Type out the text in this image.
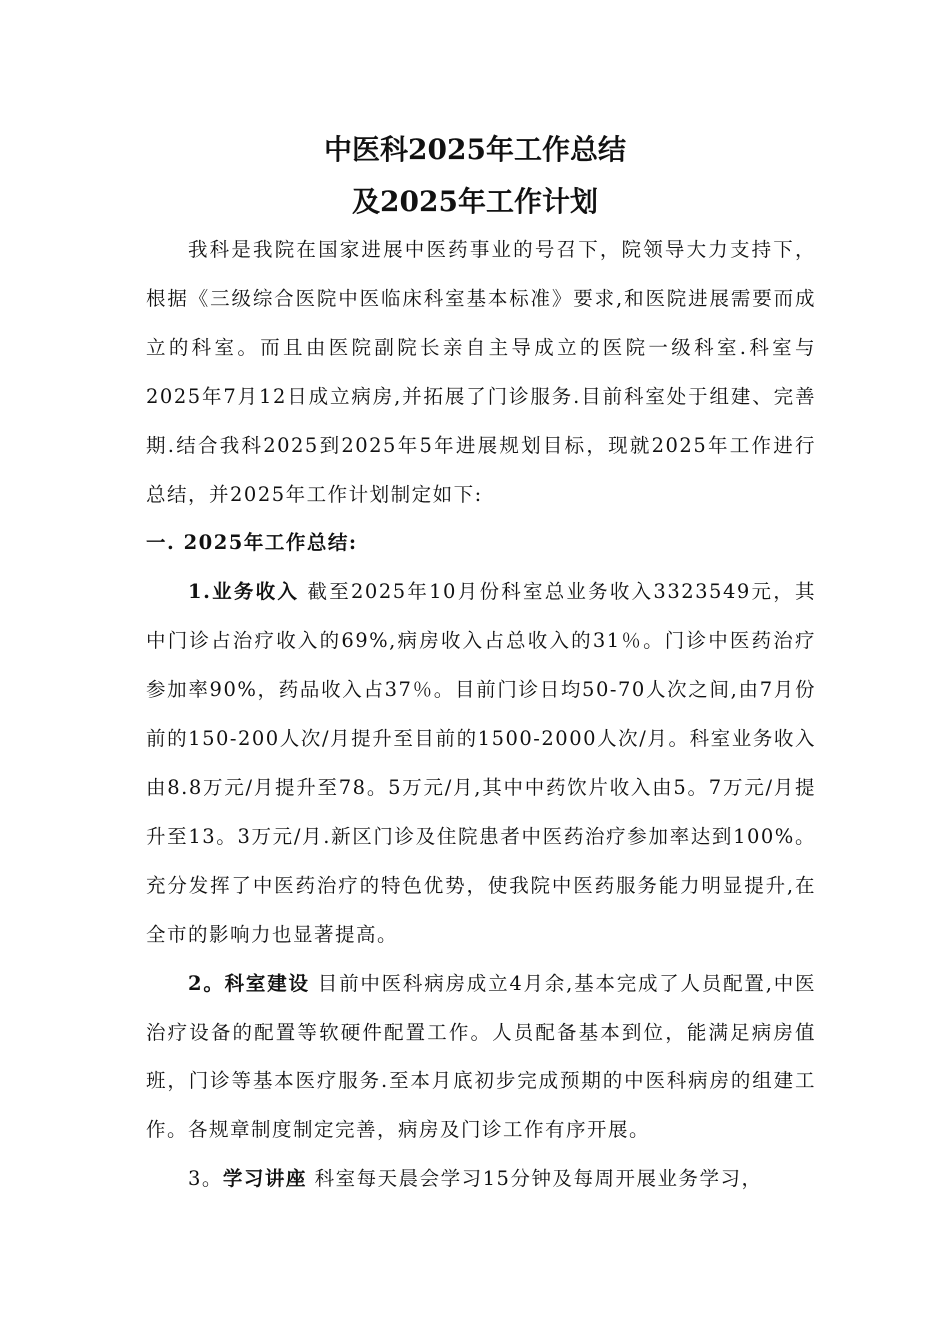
中医科2025年工作总结
及2025年工作计划

我科是我院在国家进展中医药事业的号召下，院领导大力支持下，根据《三级综合医院中医临床科室基本标准》要求,和医院进展需要而成立的科室。而且由医院副院长亲自主导成立的医院一级科室.科室与2025年7月12日成立病房,并拓展了门诊服务.目前科室处于组建、完善期.结合我科2025到2025年5年进展规划目标，现就2025年工作进行总结，并2025年工作计划制定如下:

一. 2025年工作总结:

1.业务收入 截至2025年10月份科室总业务收入3323549元，其中门诊占治疗收入的69%,病房收入占总收入的31％。门诊中医药治疗参加率90%，药品收入占37％。目前门诊日均50-70人次之间,由7月份前的150-200人次/月提升至目前的1500-2000人次/月。科室业务收入由8.8万元/月提升至78。5万元/月,其中中药饮片收入由5。7万元/月提升至13。3万元/月.新区门诊及住院患者中医药治疗参加率达到100%。充分发挥了中医药治疗的特色优势，使我院中医药服务能力明显提升,在全市的影响力也显著提高。

2。科室建设 目前中医科病房成立4月余,基本完成了人员配置,中医治疗设备的配置等软硬件配置工作。人员配备基本到位，能满足病房值班，门诊等基本医疗服务.至本月底初步完成预期的中医科病房的组建工作。各规章制度制定完善，病房及门诊工作有序开展。

3。学习讲座 科室每天晨会学习15分钟及每周开展业务学习，
